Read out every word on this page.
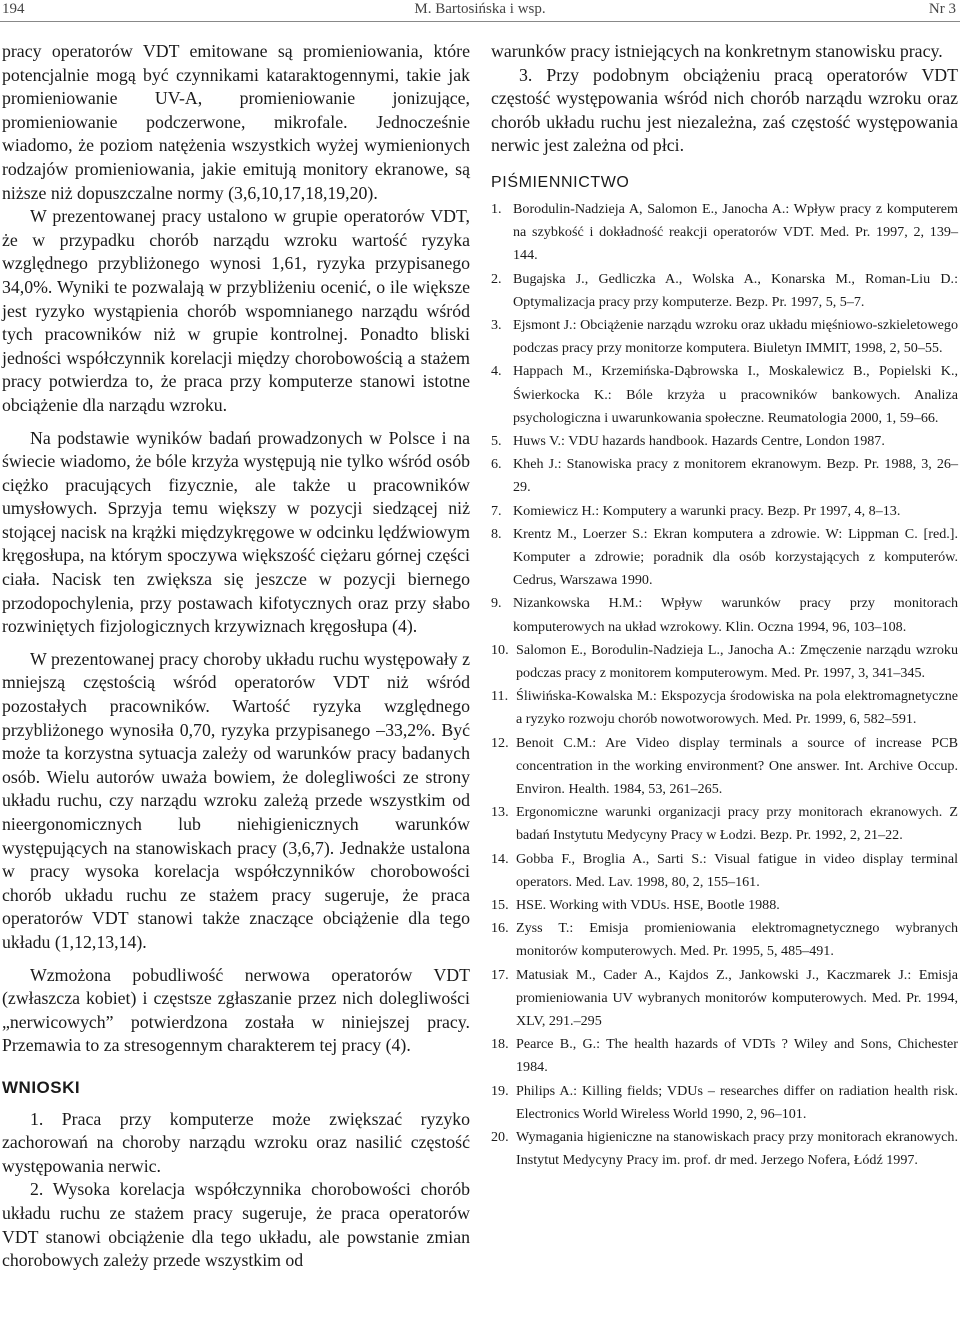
194	M. Bartosińska i wsp.	Nr 3

pracy operatorów VDT emitowane są promieniowania, które potencjalnie mogą być czynnikami kataraktogennymi, takie jak promieniowanie UV-A, promieniowanie jonizujące, promieniowanie podczerwone, mikrofale. Jednocześnie wiadomo, że poziom natężenia wszystkich wyżej wymienionych rodzajów promieniowania, jakie emitują monitory ekranowe, są niższe niż dopuszczalne normy (3,6,10,17,18,19,20).

W prezentowanej pracy ustalono w grupie operatorów VDT, że w przypadku chorób narządu wzroku wartość ryzyka względnego przybliżonego wynosi 1,61, ryzyka przypisanego 34,0%. Wyniki te pozwalają w przybliżeniu ocenić, o ile większe jest ryzyko wystąpienia chorób wspomnianego narządu wśród tych pracowników niż w grupie kontrolnej. Ponadto bliski jedności współczynnik korelacji między chorobowością a stażem pracy potwierdza to, że praca przy komputerze stanowi istotne obciążenie dla narządu wzroku.

Na podstawie wyników badań prowadzonych w Polsce i na świecie wiadomo, że bóle krzyża występują nie tylko wśród osób ciężko pracujących fizycznie, ale także u pracowników umysłowych. Sprzyja temu większy w pozycji siedzącej niż stojącej nacisk na krążki międzykręgowe w odcinku lędźwiowym kręgosłupa, na którym spoczywa większość ciężaru górnej części ciała. Nacisk ten zwiększa się jeszcze w pozycji biernego przodopochylenia, przy postawach kifotycznych oraz przy słabo rozwiniętych fizjologicznych krzywiznach kręgosłupa (4).

W prezentowanej pracy choroby układu ruchu występowały z mniejszą częstością wśród operatorów VDT niż wśród pozostałych pracowników. Wartość ryzyka względnego przybliżonego wynosiła 0,70, ryzyka przypisanego –33,2%. Być może ta korzystna sytuacja zależy od warunków pracy badanych osób. Wielu autorów uważa bowiem, że dolegliwości ze strony układu ruchu, czy narządu wzroku zależą przede wszystkim od nieergonomicznych lub niehigienicznych warunków występujących na stanowiskach pracy (3,6,7). Jednakże ustalona w pracy wysoka korelacja współczynników chorobowości chorób układu ruchu ze stażem pracy sugeruje, że praca operatorów VDT stanowi także znaczące obciążenie dla tego układu (1,12,13,14).

Wzmożona pobudliwość nerwowa operatorów VDT (zwłaszcza kobiet) i częstsze zgłaszanie przez nich dolegliwości „nerwicowych” potwierdzona została w niniejszej pracy. Przemawia to za stresogennym charakterem tej pracy (4).

WNIOSKI

1. Praca przy komputerze może zwiększać ryzyko zachorowań na choroby narządu wzroku oraz nasilić częstość występowania nerwic.

2. Wysoka korelacja współczynnika chorobowości chorób układu ruchu ze stażem pracy sugeruje, że praca operatorów VDT stanowi obciążenie dla tego układu, ale powstanie zmian chorobowych zależy przede wszystkim od

warunków pracy istniejących na konkretnym stanowisku pracy.

3. Przy podobnym obciążeniu pracą operatorów VDT częstość występowania wśród nich chorób narządu wzroku oraz chorób układu ruchu jest niezależna, zaś częstość występowania nerwic jest zależna od płci.

PIŚMIENNICTWO
1. Borodulin-Nadzieja A, Salomon E., Janocha A.: Wpływ pracy z komputerem na szybkość i dokładność reakcji operatorów VDT. Med. Pr. 1997, 2, 139–144.
2. Bugajska J., Gedliczka A., Wolska A., Konarska M., Roman-Liu D.: Optymalizacja pracy przy komputerze. Bezp. Pr. 1997, 5, 5–7.
3. Ejsmont J.: Obciążenie narządu wzroku oraz układu mięśniowo-szkieletowego podczas pracy przy monitorze komputera. Biuletyn IMMIT, 1998, 2, 50–55.
4. Happach M., Krzemińska-Dąbrowska I., Moskalewicz B., Popielski K., Świerkocka K.: Bóle krzyża u pracowników bankowych. Analiza psychologiczna i uwarunkowania społeczne. Reumatologia 2000, 1, 59–66.
5. Huws V.: VDU hazards handbook. Hazards Centre, London 1987.
6. Kheh J.: Stanowiska pracy z monitorem ekranowym. Bezp. Pr. 1988, 3, 26–29.
7. Komiewicz H.: Komputery a warunki pracy. Bezp. Pr 1997, 4, 8–13.
8. Krentz M., Loerzer S.: Ekran komputera a zdrowie. W: Lippman C. [red.]. Komputer a zdrowie; poradnik dla osób korzystających z komputerów. Cedrus, Warszawa 1990.
9. Nizankowska H.M.: Wpływ warunków pracy przy monitorach komputerowych na układ wzrokowy. Klin. Oczna 1994, 96, 103–108.
10. Salomon E., Borodulin-Nadzieja L., Janocha A.: Zmęczenie narządu wzroku podczas pracy z monitorem komputerowym. Med. Pr. 1997, 3, 341–345.
11. Śliwińska-Kowalska M.: Ekspozycja środowiska na pola elektromagnetyczne a ryzyko rozwoju chorób nowotworowych. Med. Pr. 1999, 6, 582–591.
12. Benoit C.M.: Are Video display terminals a source of increase PCB concentration in the working environment? One answer. Int. Archive Occup. Environ. Health. 1984, 53, 261–265.
13. Ergonomiczne warunki organizacji pracy przy monitorach ekranowych. Z badań Instytutu Medycyny Pracy w Łodzi. Bezp. Pr. 1992, 2, 21–22.
14. Gobba F., Broglia A., Sarti S.: Visual fatigue in video display terminal operators. Med. Lav. 1998, 80, 2, 155–161.
15. HSE. Working with VDUs. HSE, Bootle 1988.
16. Zyss T.: Emisja promieniowania elektromagnetycznego wybranych monitorów komputerowych. Med. Pr. 1995, 5, 485–491.
17. Matusiak M., Cader A., Kajdos Z., Jankowski J., Kaczmarek J.: Emisja promieniowania UV wybranych monitorów komputerowych. Med. Pr. 1994, XLV, 291.–295
18. Pearce B., G.: The health hazards of VDTs ? Wiley and Sons, Chichester 1984.
19. Philips A.: Killing fields; VDUs – researches differ on radiation health risk. Electronics World Wireless World 1990, 2, 96–101.
20. Wymagania higieniczne na stanowiskach pracy przy monitorach ekranowych. Instytut Medycyny Pracy im. prof. dr med. Jerzego Nofera, Łódź 1997.
